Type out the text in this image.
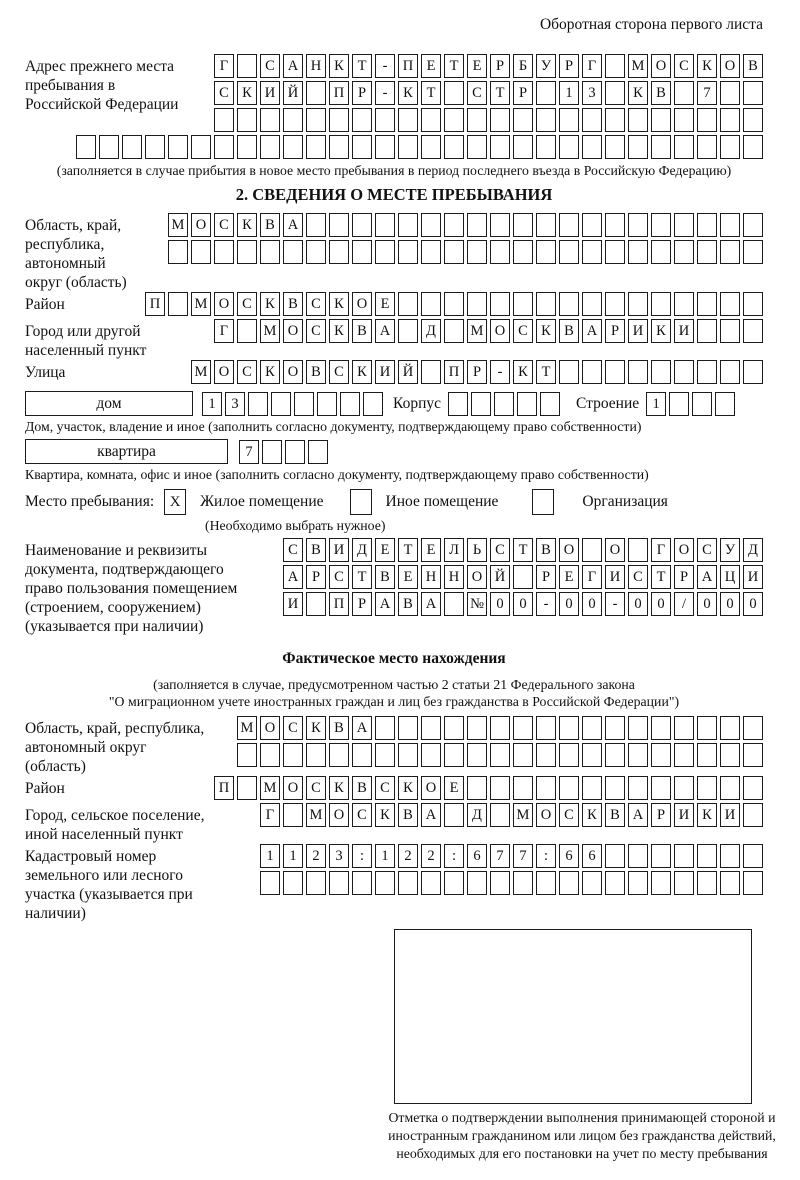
Оборотная сторона первого листа
Адрес прежнего места пребывания в Российской Федерации
Г	С А Н К Т	-	П Е Т Е	Р	Б У Р	Г	М О С К О В
С К И Й	П Р	-	К Т	С Т	Р	1	3	К В	7
(заполняется в случае прибытия в новое место пребывания в период последнего въезда в Российскую Федерацию)
2. СВЕДЕНИЯ О МЕСТЕ ПРЕБЫВАНИЯ
Область, край, республика, автономный округ (область)
М О С К В А
Район	П	М О С К В С К О Е
Город или другой населенный пункт
Г	М О С К В А	Д	М О С К В А Р И К И
Улица	М О С К О В С К И Й	П Р	-	К Т
дом	1	3	Корпус	Строение 1
Дом, участок, владение и иное (заполнить согласно документу, подтверждающему право собственности)
квартира	7
Квартира, комната, офис и иное (заполнить согласно документу, подтверждающему право собственности)
Место пребывания:	X	Жилое помещение	Иное помещение	Организация
(Необходимо выбрать нужное)
Наименование и реквизиты документа, подтверждающего право пользования помещением (строением, сооружением) (указывается при наличии)
С В И Д Е Т Е Л Ь С Т В О	О	Г О С У Д
А Р С Т В Е Н Н О Й	Р	Е Г И С Т	Р А Ц И
И	П Р А В А	№ 0	0	-	0	0	-	0	0	/	0	0	0
Фактическое место нахождения
(заполняется в случае, предусмотренном частью 2 статьи 21 Федерального закона
"О миграционном учете иностранных граждан и лиц без гражданства в Российской Федерации")
Область, край, республика, автономный округ (область)
М О С К В А
Район	П	М О С К В С К О Е
Город, сельское поселение, иной населенный пункт
Г	М О С К В А	Д	М О С К В А Р И К И
Кадастровый номер земельного или лесного участка (указывается при наличии)
1	1	2	3	:	1	2	2	:	6	7	7	:	6	6
Отметка о подтверждении выполнения принимающей стороной и иностранным гражданином или лицом без гражданства действий, необходимых для его постановки на учет по месту пребывания
